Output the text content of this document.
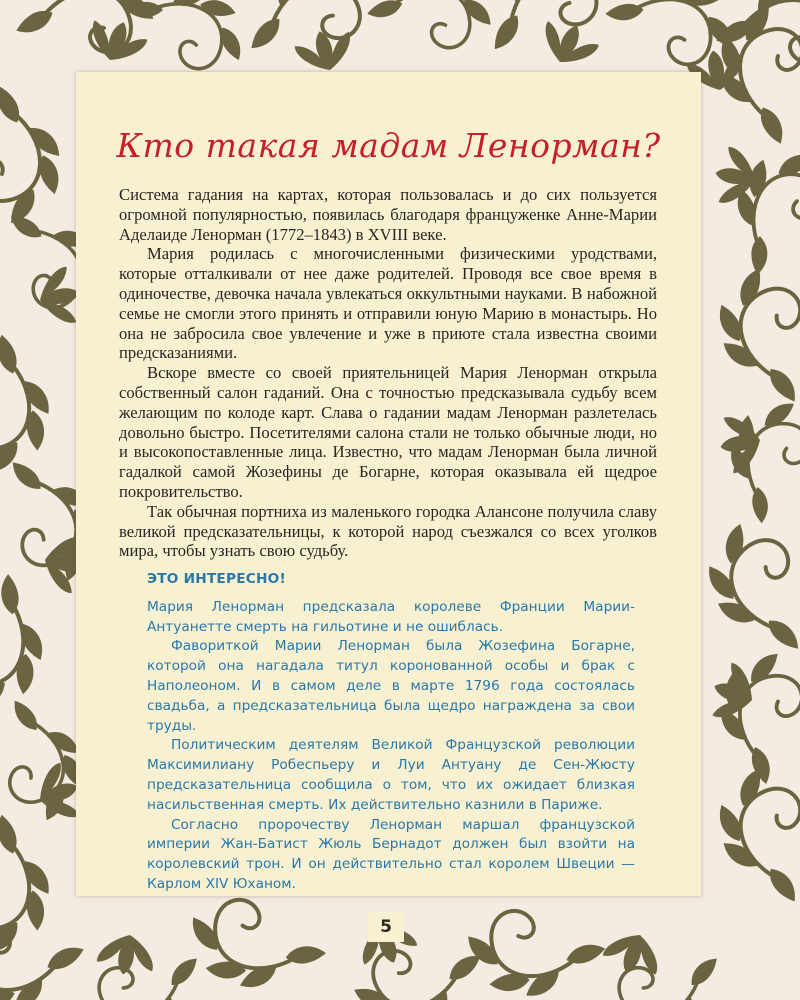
Кто такая мадам Ленорман?

Система гадания на картах, которая пользовалась и до сих пользуется огромной популярностью, появилась благодаря француженке Анне-Марии Аделаиде Ленорман (1772–1843) в XVIII веке.

Мария родилась с многочисленными физическими уродствами, которые отталкивали от нее даже родителей. Проводя все свое время в одиночестве, девочка начала увлекаться оккультными науками. В набожной семье не смогли этого принять и отправили юную Марию в монастырь. Но она не забросила свое увлечение и уже в приюте стала известна своими предсказаниями.

Вскоре вместе со своей приятельницей Мария Ленорман открыла собственный салон гаданий. Она с точностью предсказывала судьбу всем желающим по колоде карт. Слава о гадании мадам Ленорман разлетелась довольно быстро. Посетителями салона стали не только обычные люди, но и высокопоставленные лица. Известно, что мадам Ленорман была личной гадалкой самой Жозефины де Богарне, которая оказывала ей щедрое покровительство.

Так обычная портниха из маленького городка Алансоне получила славу великой предсказательницы, к которой народ съезжался со всех уголков мира, чтобы узнать свою судьбу.

ЭТО ИНТЕРЕСНО!

Мария Ленорман предсказала королеве Франции Марии-Антуанетте смерть на гильотине и не ошиблась.

Фавориткой Марии Ленорман была Жозефина Богарне, которой она нагадала титул коронованной особы и брак с Наполеоном. И в самом деле в марте 1796 года состоялась свадьба, а предсказательница была щедро награждена за свои труды.

Политическим деятелям Великой Французской революции Максимилиану Робеспьеру и Луи Антуану де Сен-Жюсту предсказательница сообщила о том, что их ожидает близкая насильственная смерть. Их действительно казнили в Париже.

Согласно пророчеству Ленорман маршал французской империи Жан-Батист Жюль Бернадот должен был взойти на королевский трон. И он действительно стал королем Швеции — Карлом XIV Юханом.

5
